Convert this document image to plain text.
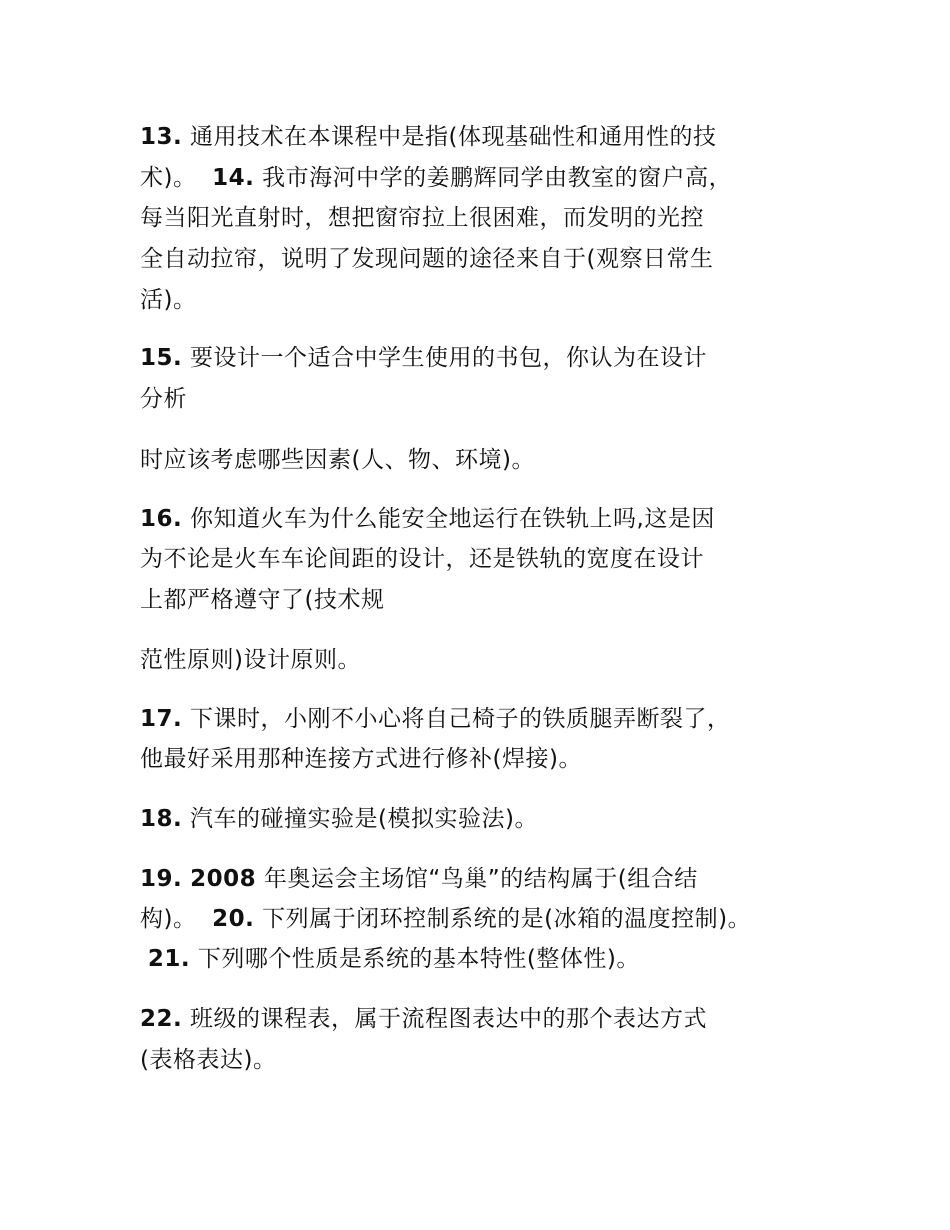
13. 通用技术在本课程中是指(体现基础性和通用性的技
术)。  14. 我市海河中学的姜鹏辉同学由教室的窗户高，
每当阳光直射时，想把窗帘拉上很困难，而发明的光控
全自动拉帘，说明了发现问题的途径来自于(观察日常生
活)。
15. 要设计一个适合中学生使用的书包，你认为在设计
分析
时应该考虑哪些因素(人、物、环境)。
16. 你知道火车为什么能安全地运行在铁轨上吗,这是因
为不论是火车车论间距的设计，还是铁轨的宽度在设计
上都严格遵守了(技术规
范性原则)设计原则。
17. 下课时，小刚不小心将自己椅子的铁质腿弄断裂了，
他最好采用那种连接方式进行修补(焊接)。
18. 汽车的碰撞实验是(模拟实验法)。
19. 2008 年奥运会主场馆“鸟巢”的结构属于(组合结
构)。  20. 下列属于闭环控制系统的是(冰箱的温度控制)。
21. 下列哪个性质是系统的基本特性(整体性)。
22. 班级的课程表，属于流程图表达中的那个表达方式
(表格表达)。
